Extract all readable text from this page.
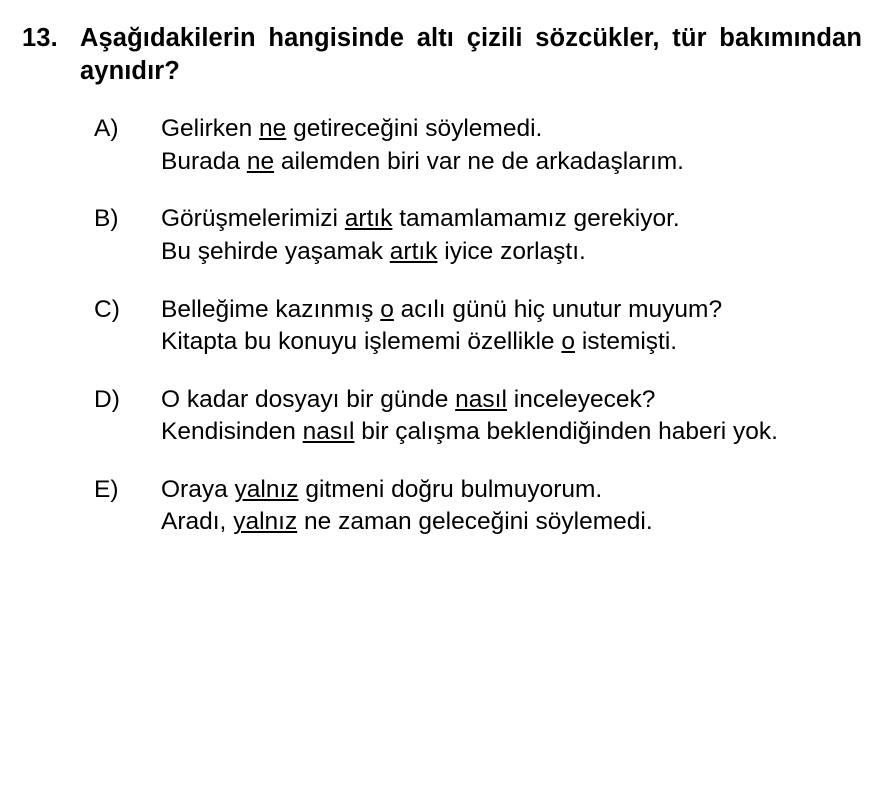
13. Aşağıdakilerin hangisinde altı çizili sözcükler, tür bakımından aynıdır?
A)	Gelirken ne getireceğini söylemedi.
Burada ne ailemden biri var ne de arkadaşlarım.
B)	Görüşmelerimizi artık tamamlamamız gerekiyor.
Bu şehirde yaşamak artık iyice zorlaştı.
C)	Belleğime kazınmış o acılı günü hiç unutur muyum?
Kitapta bu konuyu işlememi özellikle o istemişti.
D)	O kadar dosyayı bir günde nasıl inceleyecek?
Kendisinden nasıl bir çalışma beklendiğinden haberi yok.
E)	Oraya yalnız gitmeni doğru bulmuyorum.
Aradı, yalnız ne zaman geleceğini söylemedi.
